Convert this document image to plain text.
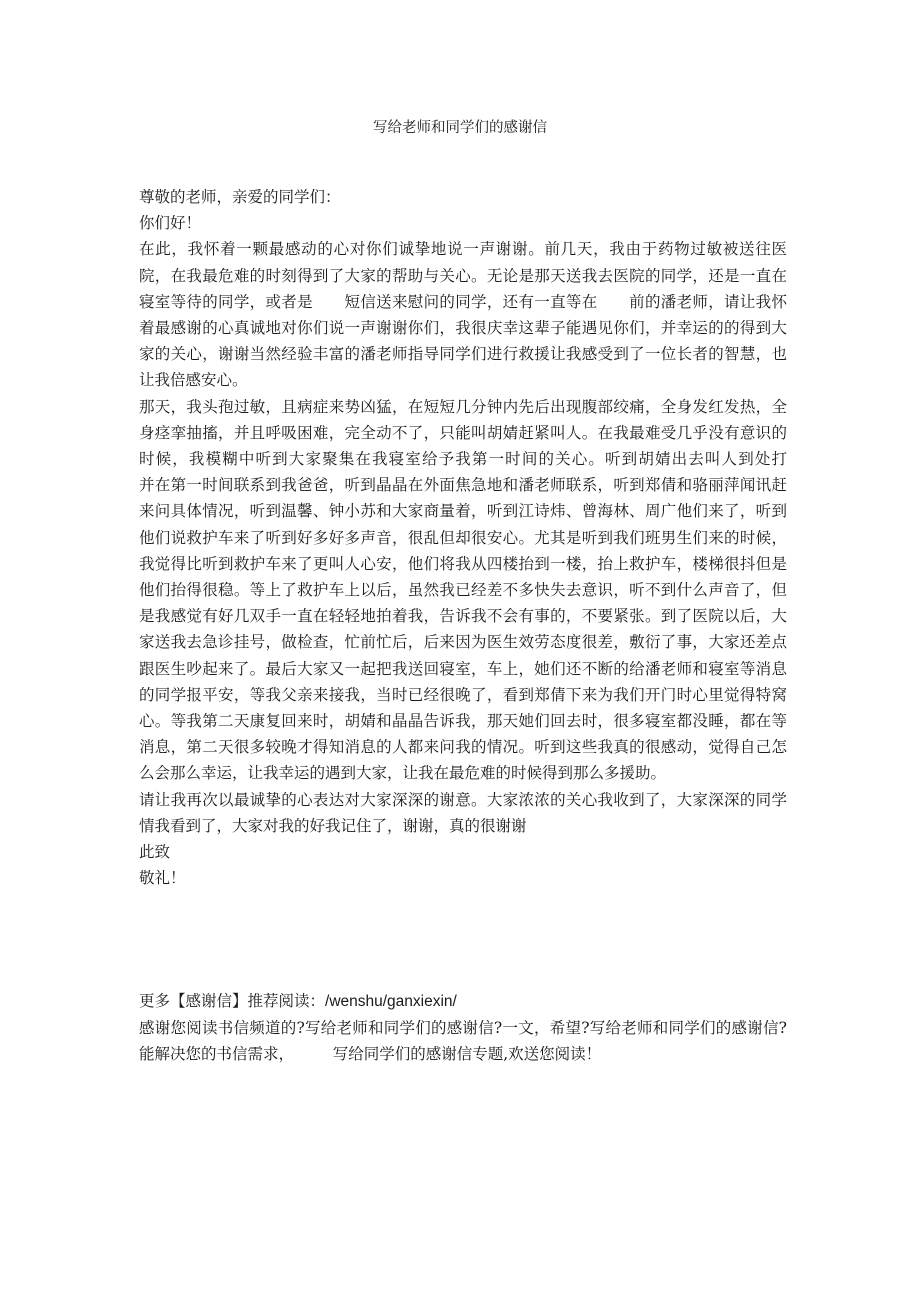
写给老师和同学们的感谢信

尊敬的老师，亲爱的同学们：

你们好！

在此，我怀着一颗最感动的心对你们诚挚地说一声谢谢。前几天，我由于药物过敏被送往医院，在我最危难的时刻得到了大家的帮助与关心。无论是那天送我去医院的同学，还是一直在寝室等待的同学，或者是　　短信送来慰问的同学，还有一直等在　　前的潘老师，请让我怀着最感谢的心真诚地对你们说一声谢谢你们，我很庆幸这辈子能遇见你们，并幸运的的得到大家的关心，谢谢当然经验丰富的潘老师指导同学们进行救援让我感受到了一位长者的智慧，也让我倍感安心。

那天，我头孢过敏，且病症来势凶猛，在短短几分钟内先后出现腹部绞痛，全身发红发热，全身痉挛抽搐，并且呼吸困难，完全动不了，只能叫胡婧赶紧叫人。在我最难受几乎没有意识的时候，我模糊中听到大家聚集在我寝室给予我第一时间的关心。听到胡婧出去叫人到处打　　并在第一时间联系到我爸爸，听到晶晶在外面焦急地和潘老师联系，听到郑倩和骆丽萍闻讯赶来问具体情况，听到温馨、钟小苏和大家商量着，听到江诗炜、曾海林、周广他们来了，听到他们说救护车来了听到好多好多声音，很乱但却很安心。尤其是听到我们班男生们来的时候，我觉得比听到救护车来了更叫人心安，他们将我从四楼抬到一楼，抬上救护车，楼梯很抖但是他们抬得很稳。等上了救护车上以后，虽然我已经差不多快失去意识，听不到什么声音了，但是我感觉有好几双手一直在轻轻地拍着我，告诉我不会有事的，不要紧张。到了医院以后，大家送我去急诊挂号，做检查，忙前忙后，后来因为医生效劳态度很差，敷衍了事，大家还差点跟医生吵起来了。最后大家又一起把我送回寝室，车上，她们还不断的给潘老师和寝室等消息的同学报平安，等我父亲来接我，当时已经很晚了，看到郑倩下来为我们开门时心里觉得特窝心。等我第二天康复回来时，胡婧和晶晶告诉我，那天她们回去时，很多寝室都没睡，都在等消息，第二天很多较晚才得知消息的人都来问我的情况。听到这些我真的很感动，觉得自己怎么会那么幸运，让我幸运的遇到大家，让我在最危难的时候得到那么多援助。

请让我再次以最诚挚的心表达对大家深深的谢意。大家浓浓的关心我收到了，大家深深的同学情我看到了，大家对我的好我记住了，谢谢，真的很谢谢

此致

敬礼！

更多【感谢信】推荐阅读：/wenshu/ganxiexin/

感谢您阅读书信频道的?写给老师和同学们的感谢信?一文，希望?写给老师和同学们的感谢信?能解决您的书信需求，　　　写给同学们的感谢信专题,欢送您阅读！
